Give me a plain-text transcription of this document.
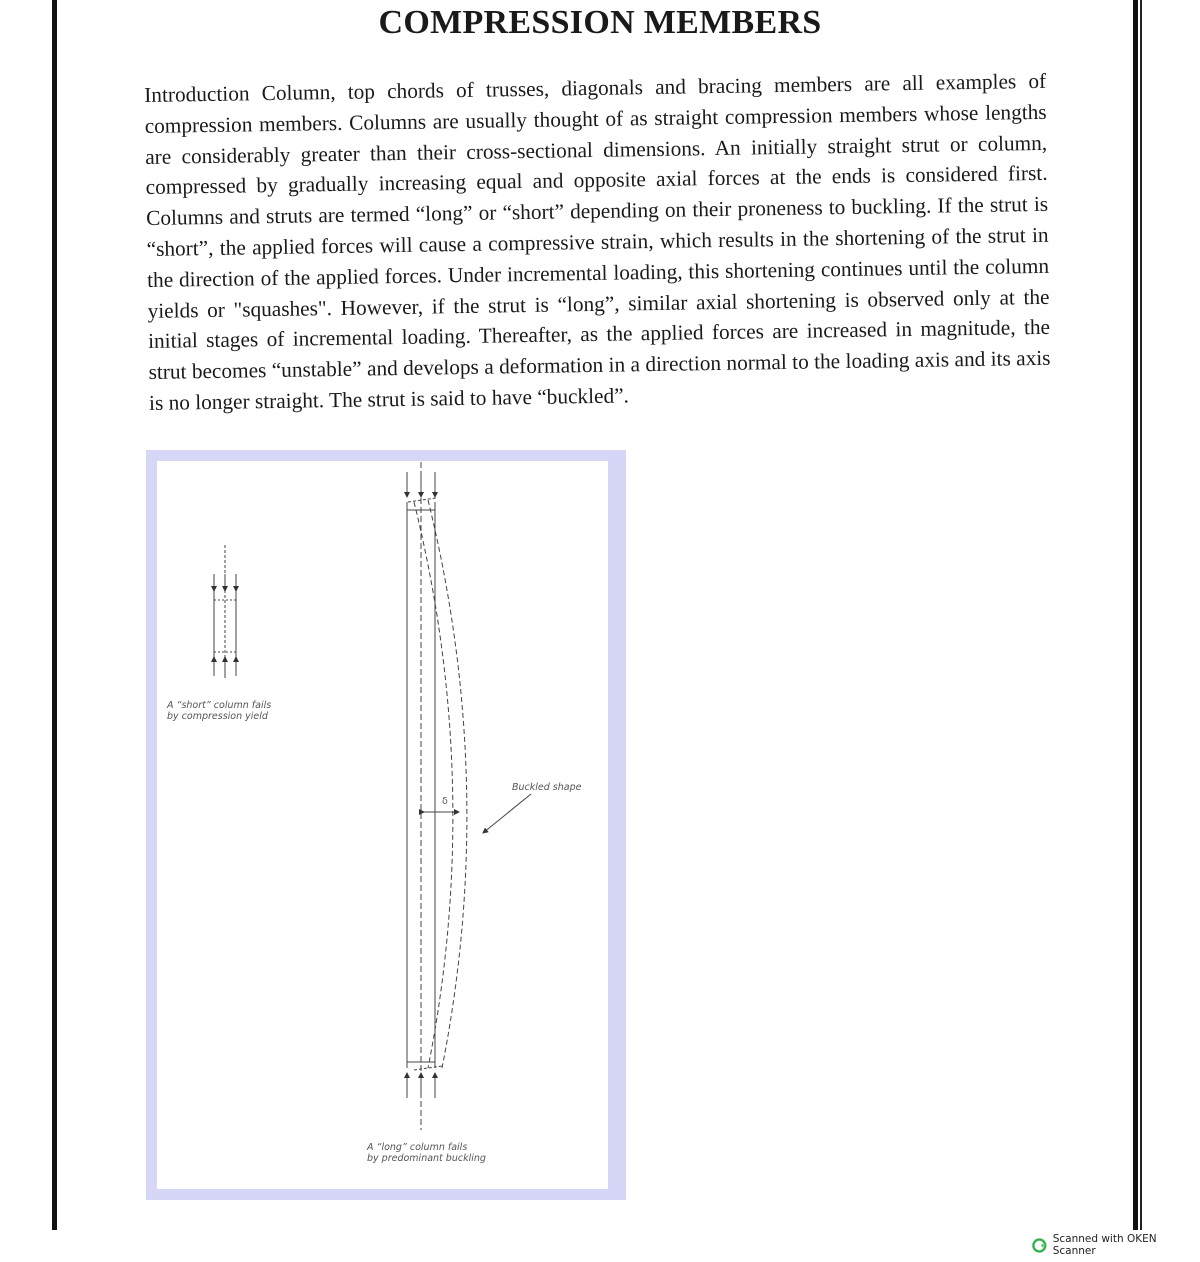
COMPRESSION MEMBERS

Introduction Column, top chords of trusses, diagonals and bracing members are all examples of compression members. Columns are usually thought of as straight compression members whose lengths are considerably greater than their cross-sectional dimensions. An initially straight strut or column, compressed by gradually increasing equal and opposite axial forces at the ends is considered first. Columns and struts are termed “long” or “short” depending on their proneness to buckling. If the strut is “short”, the applied forces will cause a compressive strain, which results in the shortening of the strut in the direction of the applied forces. Under incremental loading, this shortening continues until the column yields or "squashes". However, if the strut is “long”, similar axial shortening is observed only at the initial stages of incremental loading. Thereafter, as the applied forces are increased in magnitude, the strut becomes “unstable” and develops a deformation in a direction normal to the loading axis and its axis is no longer straight. The strut is said to have “buckled”.

A “short” column fails
by compression yield
Buckled shape
δ
A “long” column fails
by predominant buckling
Scanned with OKEN Scanner
